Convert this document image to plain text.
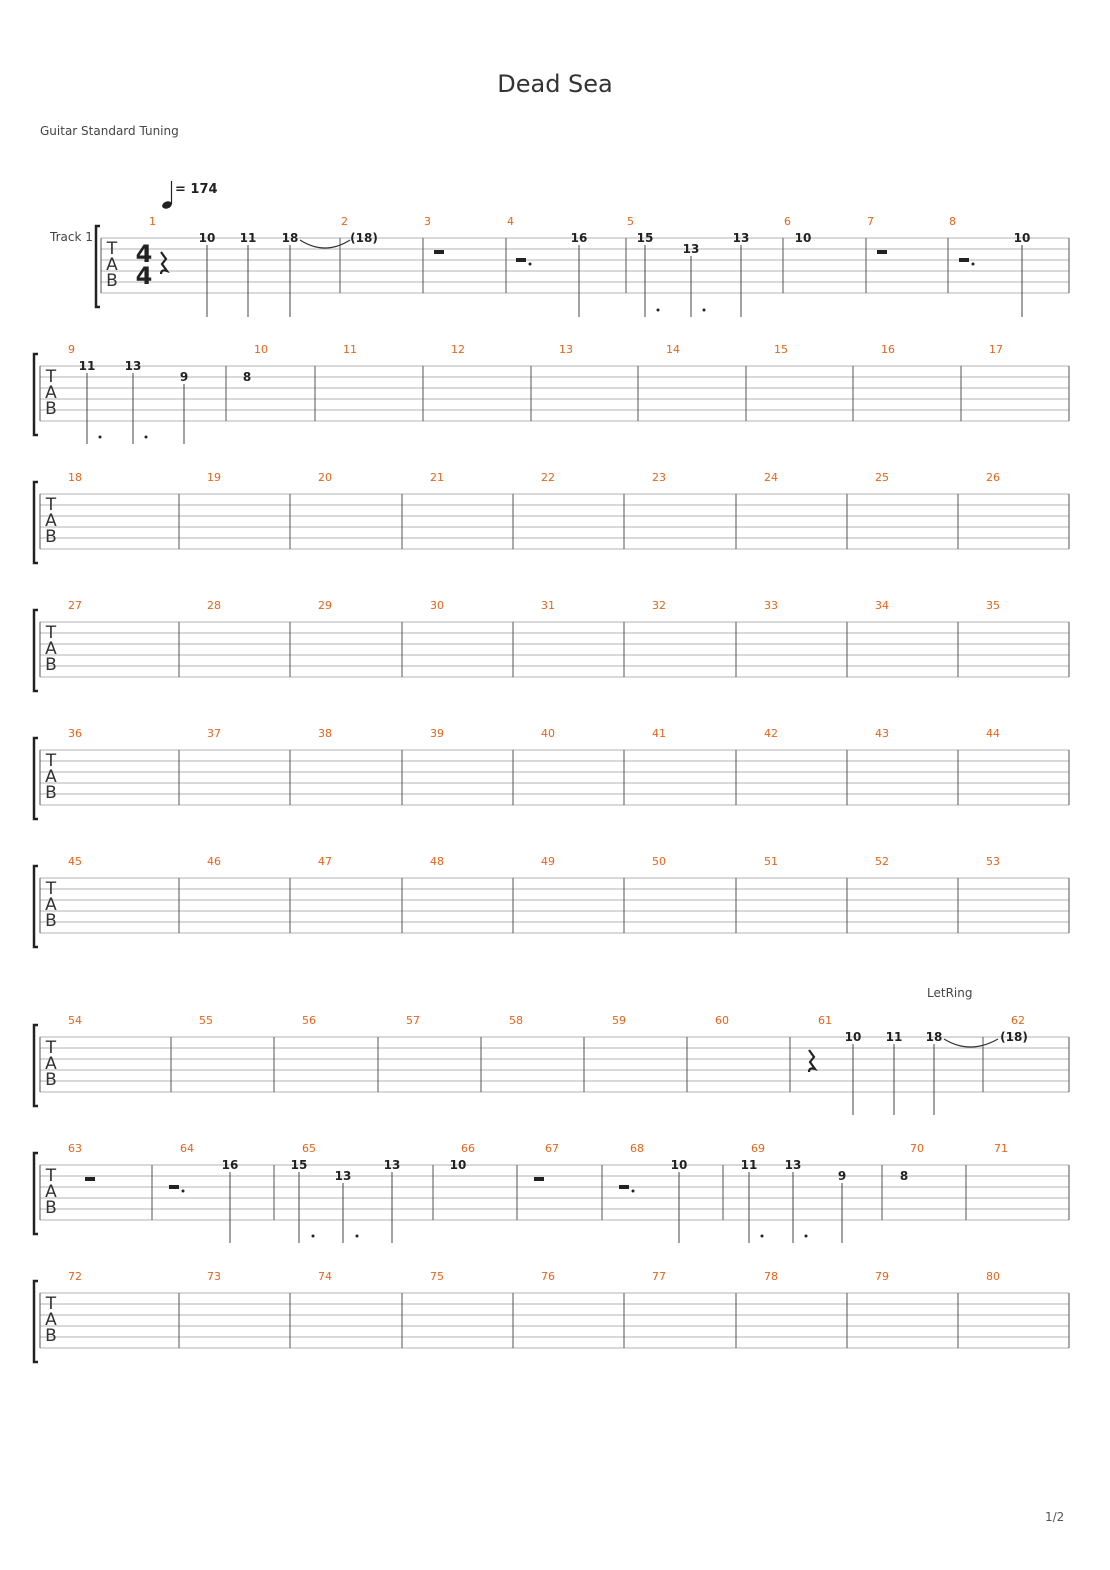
Dead Sea
Guitar Standard Tuning
LetRing
1/2
Track 1
= 174
T
A
B
1	2	3	4	5	6	7	8
T
A
B
9	10	11	12	13	14	15	16	17
T
A
B
18	19	20	21	22	23	24	25	26
T
A
B
27	28	29	30	31	32	33	34	35
T
A
B
36	37	38	39	40	41	42	43	44
T
A
B
45	46	47	48	49	50	51	52	53
T
A
B
54	55	56	57	58	59	60	61	62
T
A
B
63	64	65	66	67	68	69	70	71
T
A
B
72	73	74	75	76	77	78	79	80
4
4
10 11 18	(18)	16	15
13
13	10	10
11 13
9	8
10 11 18	(18)
16	15
13
13	10	10	11 13
9	8
